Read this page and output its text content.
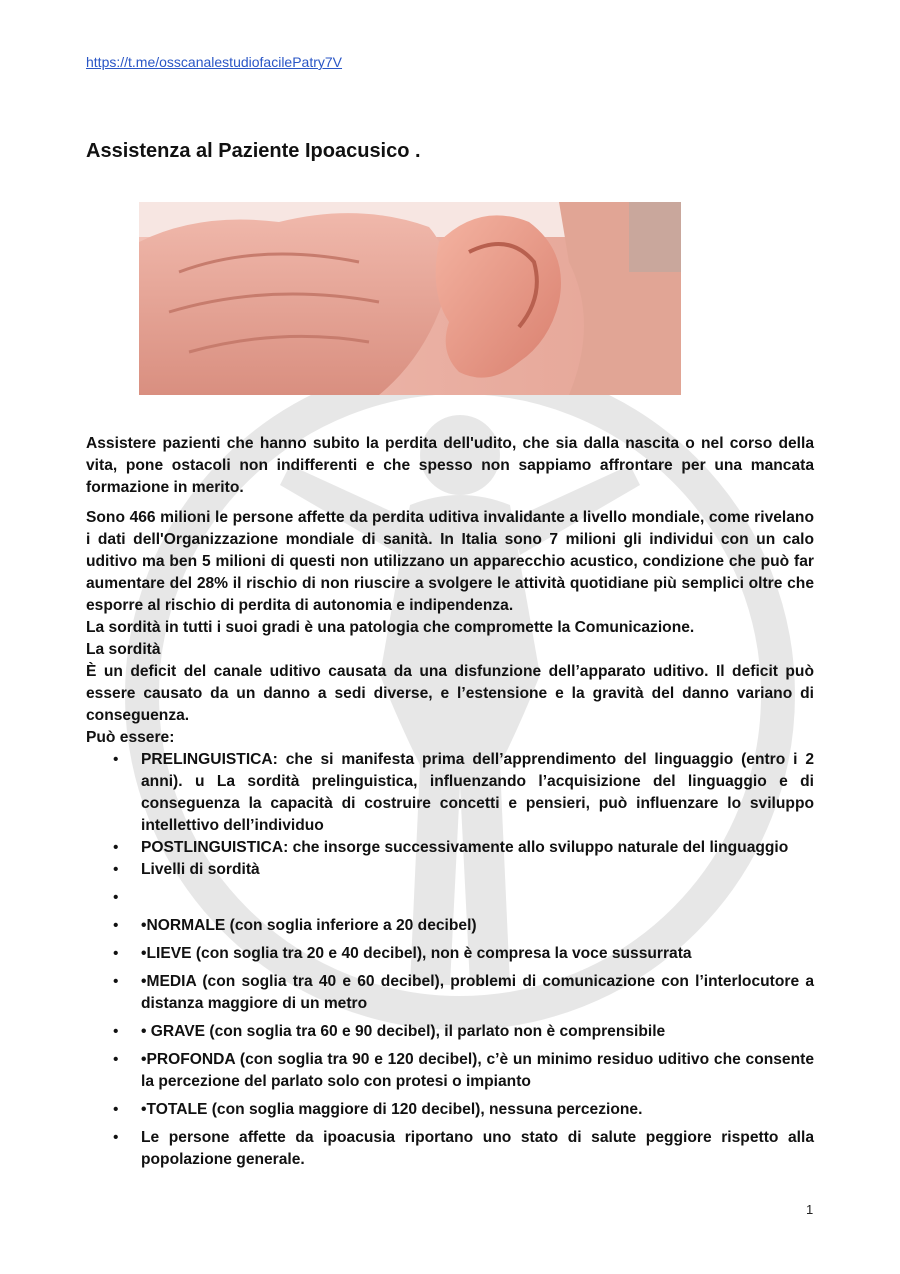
https://t.me/osscanalestudiofacilePatry7V
Assistenza al Paziente Ipoacusico .

Assistere pazienti che hanno subito la perdita dell'udito, che sia dalla nascita o nel corso della vita, pone ostacoli non indifferenti e che spesso non sappiamo affrontare per una mancata formazione in merito.

Sono 466 milioni le persone affette da perdita uditiva invalidante a livello mondiale, come rivelano i dati dell'Organizzazione mondiale di sanità. In Italia sono 7 milioni gli individui con un calo uditivo ma ben 5 milioni di questi non utilizzano un apparecchio acustico, condizione che può far aumentare del 28% il rischio di non riuscire a svolgere le attività quotidiane più semplici oltre che esporre al rischio di perdita di autonomia e indipendenza.

La sordità in tutti i suoi gradi è una patologia che compromette la Comunicazione.

La sordità

È un deficit del canale uditivo causata da una disfunzione dell’apparato uditivo. Il deficit può essere causato da un danno a sedi diverse, e l’estensione e la gravità del danno variano di conseguenza.

Può essere:

• PRELINGUISTICA: che si manifesta prima dell’apprendimento del linguaggio (entro i 2 anni). u La sordità prelinguistica, influenzando l’acquisizione del linguaggio e di conseguenza la capacità di costruire concetti e pensieri, può influenzare lo sviluppo intellettivo dell’individuo
• POSTLINGUISTICA: che insorge successivamente allo sviluppo naturale del linguaggio
• Livelli di sordità
•
• •NORMALE (con soglia inferiore a 20 decibel)
• •LIEVE (con soglia tra 20 e 40 decibel), non è compresa la voce sussurrata
• •MEDIA (con soglia tra 40 e 60 decibel), problemi di comunicazione con l’interlocutore a distanza maggiore di un metro
• • GRAVE (con soglia tra 60 e 90 decibel), il parlato non è comprensibile
• •PROFONDA (con soglia tra 90 e 120 decibel), c’è un minimo residuo uditivo che consente la percezione del parlato solo con protesi o impianto
• •TOTALE (con soglia maggiore di 120 decibel), nessuna percezione.
• Le persone affette da ipoacusia riportano uno stato di salute peggiore rispetto alla popolazione generale.
1
